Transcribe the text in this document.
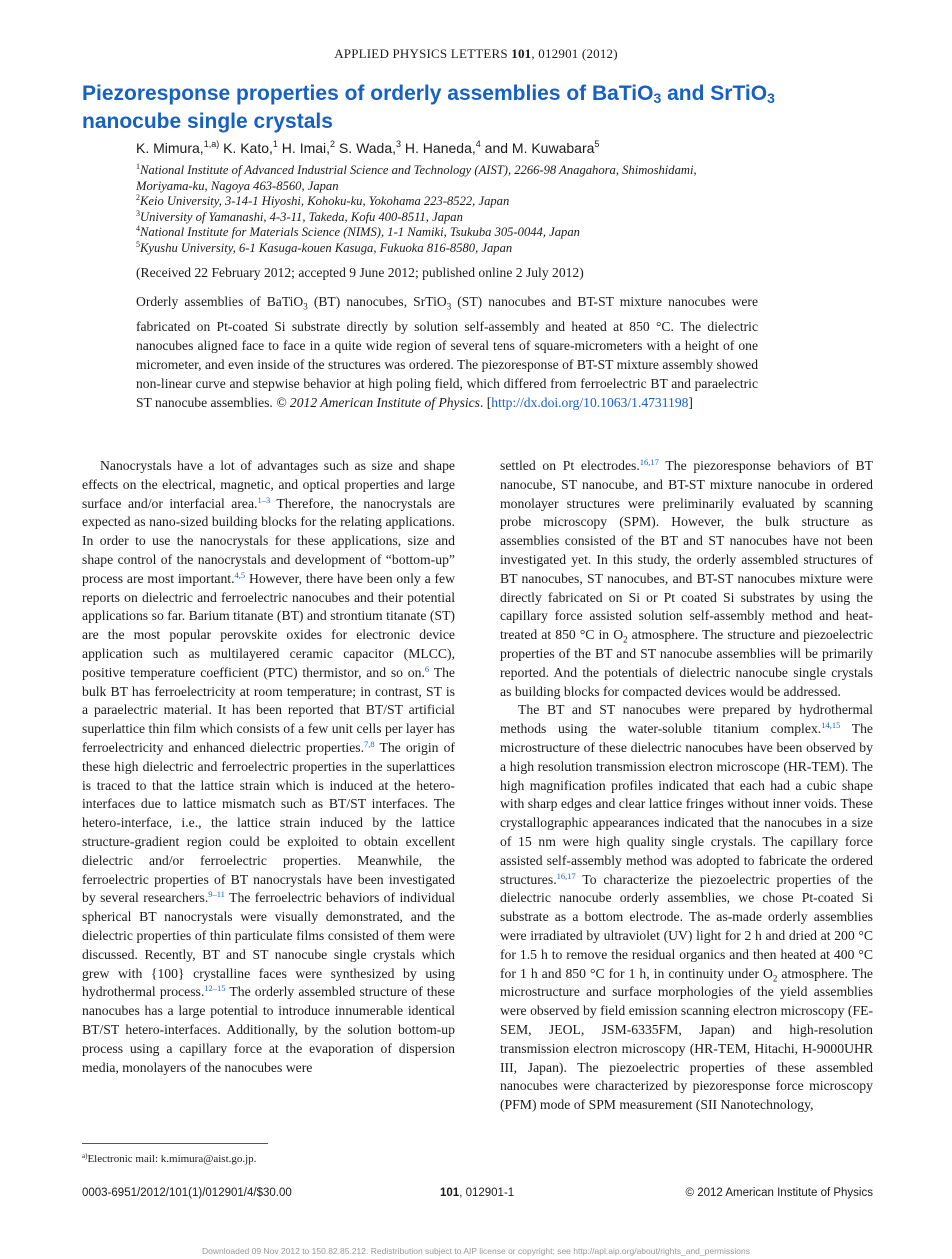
APPLIED PHYSICS LETTERS 101, 012901 (2012)
Piezoresponse properties of orderly assemblies of BaTiO$_3$ and SrTiO$_3$
nanocube single crystals
K. Mimura,$^{1,a)}$ K. Kato,$^1$ H. Imai,$^2$ S. Wada,$^3$ H. Haneda,$^4$ and M. Kuwabara$^5$
$^1$National Institute of Advanced Industrial Science and Technology (AIST), 2266-98 Anagahora, Shimoshidami,
Moriyama-ku, Nagoya 463-8560, Japan
$^2$Keio University, 3-14-1 Hiyoshi, Kohoku-ku, Yokohama 223-8522, Japan
$^3$University of Yamanashi, 4-3-11, Takeda, Kofu 400-8511, Japan
$^4$National Institute for Materials Science (NIMS), 1-1 Namiki, Tsukuba 305-0044, Japan
$^5$Kyushu University, 6-1 Kasuga-kouen Kasuga, Fukuoka 816-8580, Japan
(Received 22 February 2012; accepted 9 June 2012; published online 2 July 2012)
Orderly assemblies of BaTiO$_3$ (BT) nanocubes, SrTiO$_3$ (ST) nanocubes and BT-ST mixture nanocubes were fabricated on Pt-coated Si substrate directly by solution self-assembly and heated at 850 °C. The dielectric nanocubes aligned face to face in a quite wide region of several tens of square-micrometers with a height of one micrometer, and even inside of the structures was ordered. The piezoresponse of BT-ST mixture assembly showed non-linear curve and stepwise behavior at high poling field, which differed from ferroelectric BT and paraelectric ST nanocube assemblies. © 2012 American Institute of Physics. [http://dx.doi.org/10.1063/1.4731198]

Nanocrystals have a lot of advantages such as size and shape effects on the electrical, magnetic, and optical properties and large surface and/or interfacial area.$^{1-3}$ Therefore, the nanocrystals are expected as nano-sized building blocks for the relating applications. In order to use the nanocrystals for these applications, size and shape control of the nanocrystals and development of “bottom-up” process are most important.$^{4,5}$ However, there have been only a few reports on dielectric and ferroelectric nanocubes and their potential applications so far. Barium titanate (BT) and strontium titanate (ST) are the most popular perovskite oxides for electronic device application such as multilayered ceramic capacitor (MLCC), positive temperature coefficient (PTC) thermistor, and so on.$^6$ The bulk BT has ferroelectricity at room temperature; in contrast, ST is a paraelectric material. It has been reported that BT/ST artificial superlattice thin film which consists of a few unit cells per layer has ferroelectricity and enhanced dielectric properties.$^{7,8}$ The origin of these high dielectric and ferroelectric properties in the superlattices is traced to that the lattice strain which is induced at the hetero-interfaces due to lattice mismatch such as BT/ST interfaces. The hetero-interface, i.e., the lattice strain induced by the lattice structure-gradient region could be exploited to obtain excellent dielectric and/or ferroelectric properties. Meanwhile, the ferroelectric properties of BT nanocrystals have been investigated by several researchers.$^{9-11}$ The ferroelectric behaviors of individual spherical BT nanocrystals were visually demonstrated, and the dielectric properties of thin particulate films consisted of them were discussed. Recently, BT and ST nanocube single crystals which grew with {100} crystalline faces were synthesized by using hydrothermal process.$^{12-15}$ The orderly assembled structure of these nanocubes has a large potential to introduce innumerable identical BT/ST hetero-interfaces. Additionally, by the solution bottom-up process using a capillary force at the evaporation of dispersion media, monolayers of the nanocubes were

settled on Pt electrodes.$^{16,17}$ The piezoresponse behaviors of BT nanocube, ST nanocube, and BT-ST mixture nanocube in ordered monolayer structures were preliminarily evaluated by scanning probe microscopy (SPM). However, the bulk structure as assemblies consisted of the BT and ST nanocubes have not been investigated yet. In this study, the orderly assembled structures of BT nanocubes, ST nanocubes, and BT-ST nanocubes mixture were directly fabricated on Si or Pt coated Si substrates by using the capillary force assisted solution self-assembly method and heat-treated at 850 °C in $O_2$ atmosphere. The structure and piezoelectric properties of the BT and ST nanocube assemblies will be primarily reported. And the potentials of dielectric nanocube single crystals as building blocks for compacted devices would be addressed.

The BT and ST nanocubes were prepared by hydrothermal methods using the water-soluble titanium complex.$^{14,15}$ The microstructure of these dielectric nanocubes have been observed by a high resolution transmission electron microscope (HR-TEM). The high magnification profiles indicated that each had a cubic shape with sharp edges and clear lattice fringes without inner voids. These crystallographic appearances indicated that the nanocubes in a size of 15 nm were high quality single crystals. The capillary force assisted self-assembly method was adopted to fabricate the ordered structures.$^{16,17}$ To characterize the piezoelectric properties of the dielectric nanocube orderly assemblies, we chose Pt-coated Si substrate as a bottom electrode. The as-made orderly assemblies were irradiated by ultraviolet (UV) light for 2 h and dried at 200 °C for 1.5 h to remove the residual organics and then heated at 400 °C for 1 h and 850 °C for 1 h, in continuity under $O_2$ atmosphere. The microstructure and surface morphologies of the yield assemblies were observed by field emission scanning electron microscopy (FE-SEM, JEOL, JSM-6335FM, Japan) and high-resolution transmission electron microscopy (HR-TEM, Hitachi, H-9000UHR III, Japan). The piezoelectric properties of these assembled nanocubes were characterized by piezoresponse force microscopy (PFM) mode of SPM measurement (SII Nanotechnology,

$^{a)}$Electronic mail: k.mimura@aist.go.jp.
0003-6951/2012/101(1)/012901/4/$30.00	101, 012901-1	© 2012 American Institute of Physics
Downloaded 09 Nov 2012 to 150.82.85.212. Redistribution subject to AIP license or copyright; see http://apl.aip.org/about/rights_and_permissions
